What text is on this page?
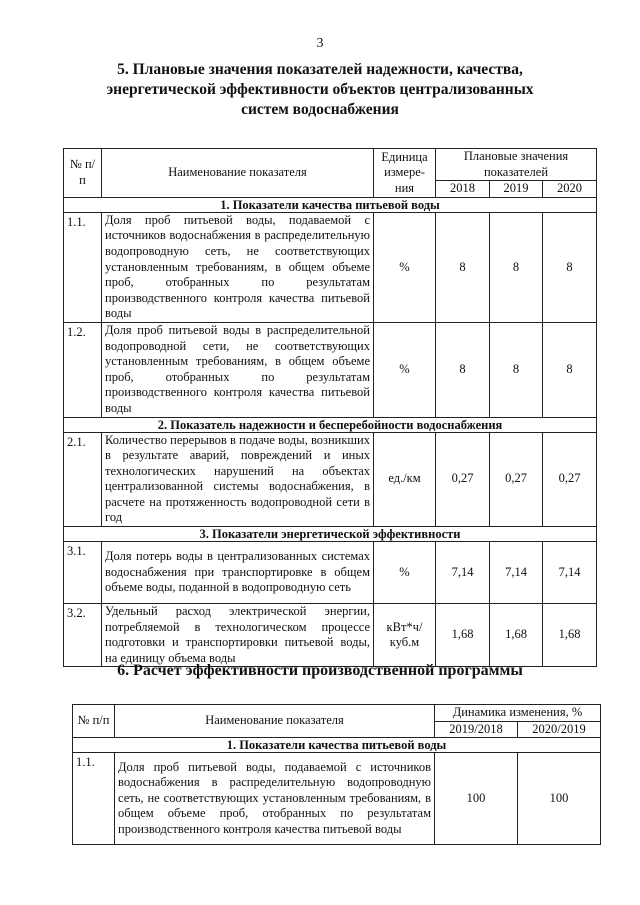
3
5. Плановые значения показателей надежности, качества,
энергетической эффективности объектов централизованных
систем водоснабжения
№ п/п	Наименование показателя	Единица измере-ния	Плановые значения показателей		
			2018	2019	2020
1. Показатели качества питьевой воды					
1.1.	Доля проб питьевой воды, подаваемой с источников водоснабжения в распределительную водопроводную сеть, не соответствующих установленным требованиям, в общем объеме проб, отобранных по результатам производственного контроля качества питьевой воды	%	8	8	8
1.2.	Доля проб питьевой воды в распределительной водопроводной сети, не соответствующих установленным требованиям, в общем объеме проб, отобранных по результатам производственного контроля качества питьевой воды	%	8	8	8
2. Показатель надежности и бесперебойности водоснабжения					
2.1.	Количество перерывов в подаче воды, возникших в результате аварий, повреждений и иных технологических нарушений на объектах централизованной системы водоснабжения, в расчете на протяженность водопроводной сети в год	ед./км	0,27	0,27	0,27
3. Показатели энергетической эффективности					
3.1.	Доля потерь воды в централизованных системах водоснабжения при транспортировке в общем объеме воды, поданной в водопроводную сеть	%	7,14	7,14	7,14
3.2.	Удельный расход электрической энергии, потребляемой в технологическом процессе подготовки и транспортировки питьевой воды, на единицу объема воды	кВт*ч/ куб.м	1,68	1,68	1,68
6. Расчет эффективности производственной программы
№ п/п	Наименование показателя	Динамика изменения, %	
		2019/2018	2020/2019
1. Показатели качества питьевой воды			
1.1.	Доля проб питьевой воды, подаваемой с источников водоснабжения в распределительную водопроводную сеть, не соответствующих установленным требованиям, в общем объеме проб, отобранных по результатам производственного контроля качества питьевой воды	100	100
